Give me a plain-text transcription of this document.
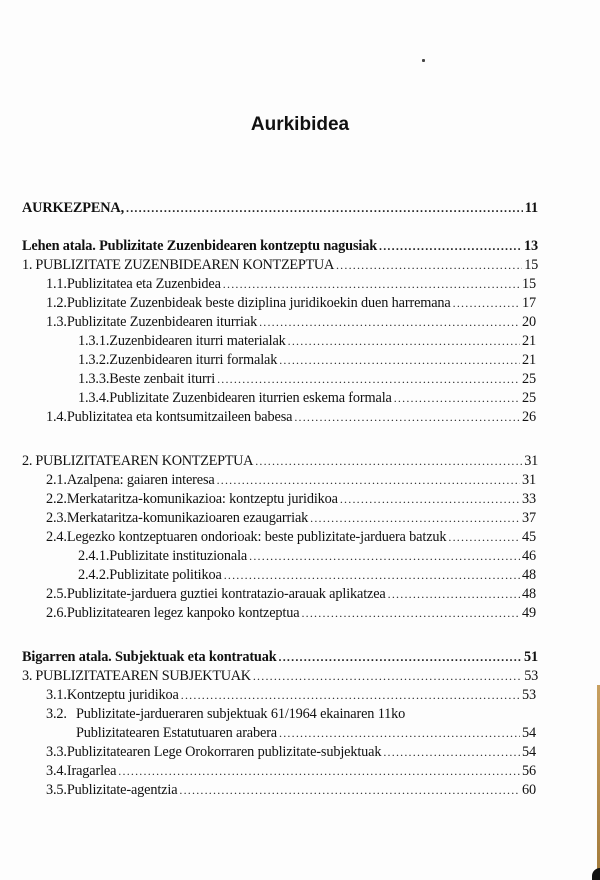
Aurkibidea
AURKEZPENA, .....	11
Lehen atala. Publizitate Zuzenbidearen kontzeptu nagusiak .....	13
1.
PUBLIZITATE ZUZENBIDEAREN KONTZEPTUA .....	15
1.1. Publizitatea eta Zuzenbidea .....	15
1.2. Publizitate Zuzenbideak beste diziplina juridikoekin duen harremana .....	17
1.3. Publizitate Zuzenbidearen iturriak .....	20
1.3.1. Zuzenbidearen iturri materialak .....	21
1.3.2. Zuzenbidearen iturri formalak .....	21
1.3.3. Beste zenbait iturri .....	25
1.3.4. Publizitate Zuzenbidearen iturrien eskema formala .....	25
1.4. Publizitatea eta kontsumitzaileen babesa .....	26
2.
PUBLIZITATEAREN KONTZEPTUA .....	31
2.1. Azalpena: gaiaren interesa .....	31
2.2. Merkataritza-komunikazioa: kontzeptu juridikoa .....	33
2.3. Merkataritza-komunikazioaren ezaugarriak .....	37
2.4. Legezko kontzeptuaren ondorioak: beste publizitate-jarduera batzuk .....	45
2.4.1. Publizitate instituzionala .....	46
2.4.2. Publizitate politikoa .....	48
2.5. Publizitate-jarduera guztiei kontratazio-arauak aplikatzea .....	48
2.6. Publizitatearen legez kanpoko kontzeptua .....	49
Bigarren atala. Subjektuak eta kontratuak .....	51
3.
PUBLIZITATEAREN SUBJEKTUAK .....	53
3.1. Kontzeptu juridikoa .....	53
3.2. Publizitate-jardueraren subjektuak 61/1964 ekainaren 11ko
Publizitatearen Estatutuaren arabera .....	54
3.3. Publizitatearen Lege Orokorraren publizitate-subjektuak .....	54
3.4. Iragarlea .....	56
3.5. Publizitate-agentzia .....	60
